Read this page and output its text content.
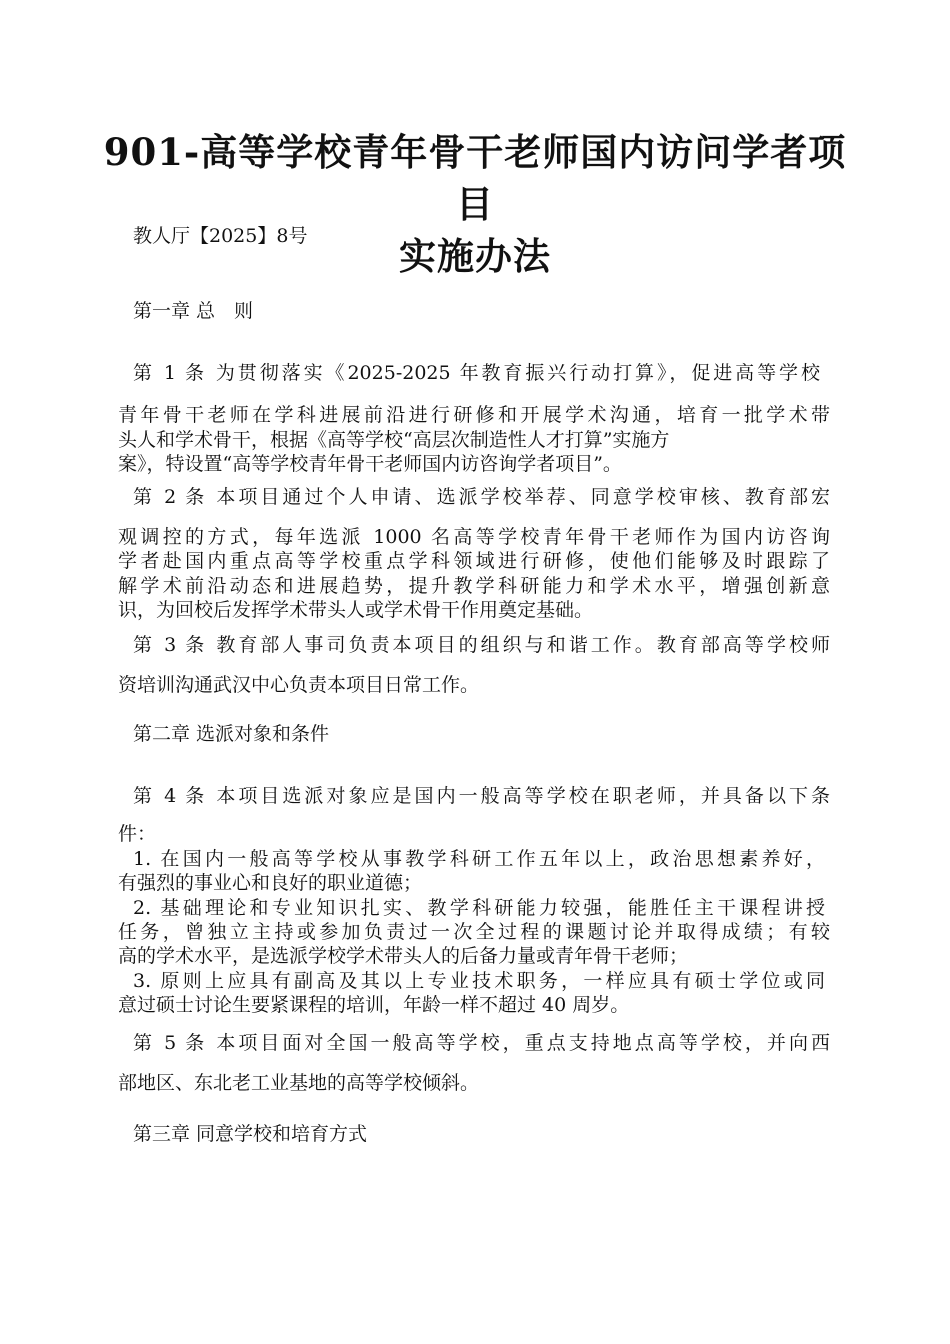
901-高等学校青年骨干老师国内访问学者项目
实施办法
教人厅【2025】8号
第一章 总　则
第 1 条 为贯彻落实《2025-2025 年教育振兴行动打算》，促进高等学校
青年骨干老师在学科进展前沿进行研修和开展学术沟通，培育一批学术带
头人和学术骨干，根据《高等学校“高层次制造性人才打算”实施方
案》，特设置“高等学校青年骨干老师国内访咨询学者项目”。
第 2 条 本项目通过个人申请、选派学校举荐、同意学校审核、教育部宏
观调控的方式，每年选派 1000 名高等学校青年骨干老师作为国内访咨询
学者赴国内重点高等学校重点学科领域进行研修，使他们能够及时跟踪了
解学术前沿动态和进展趋势，提升教学科研能力和学术水平，增强创新意
识，为回校后发挥学术带头人或学术骨干作用奠定基础。
第 3 条 教育部人事司负责本项目的组织与和谐工作。教育部高等学校师
资培训沟通武汉中心负责本项目日常工作。
第二章 选派对象和条件
第 4 条 本项目选派对象应是国内一般高等学校在职老师，并具备以下条
件：
1. 在国内一般高等学校从事教学科研工作五年以上，政治思想素养好，
有强烈的事业心和良好的职业道德；
2. 基础理论和专业知识扎实、教学科研能力较强，能胜任主干课程讲授
任务，曾独立主持或参加负责过一次全过程的课题讨论并取得成绩；有较
高的学术水平，是选派学校学术带头人的后备力量或青年骨干老师；
3. 原则上应具有副高及其以上专业技术职务，一样应具有硕士学位或同
意过硕士讨论生要紧课程的培训，年龄一样不超过 40 周岁。
第 5 条 本项目面对全国一般高等学校，重点支持地点高等学校，并向西
部地区、东北老工业基地的高等学校倾斜。
第三章 同意学校和培育方式
